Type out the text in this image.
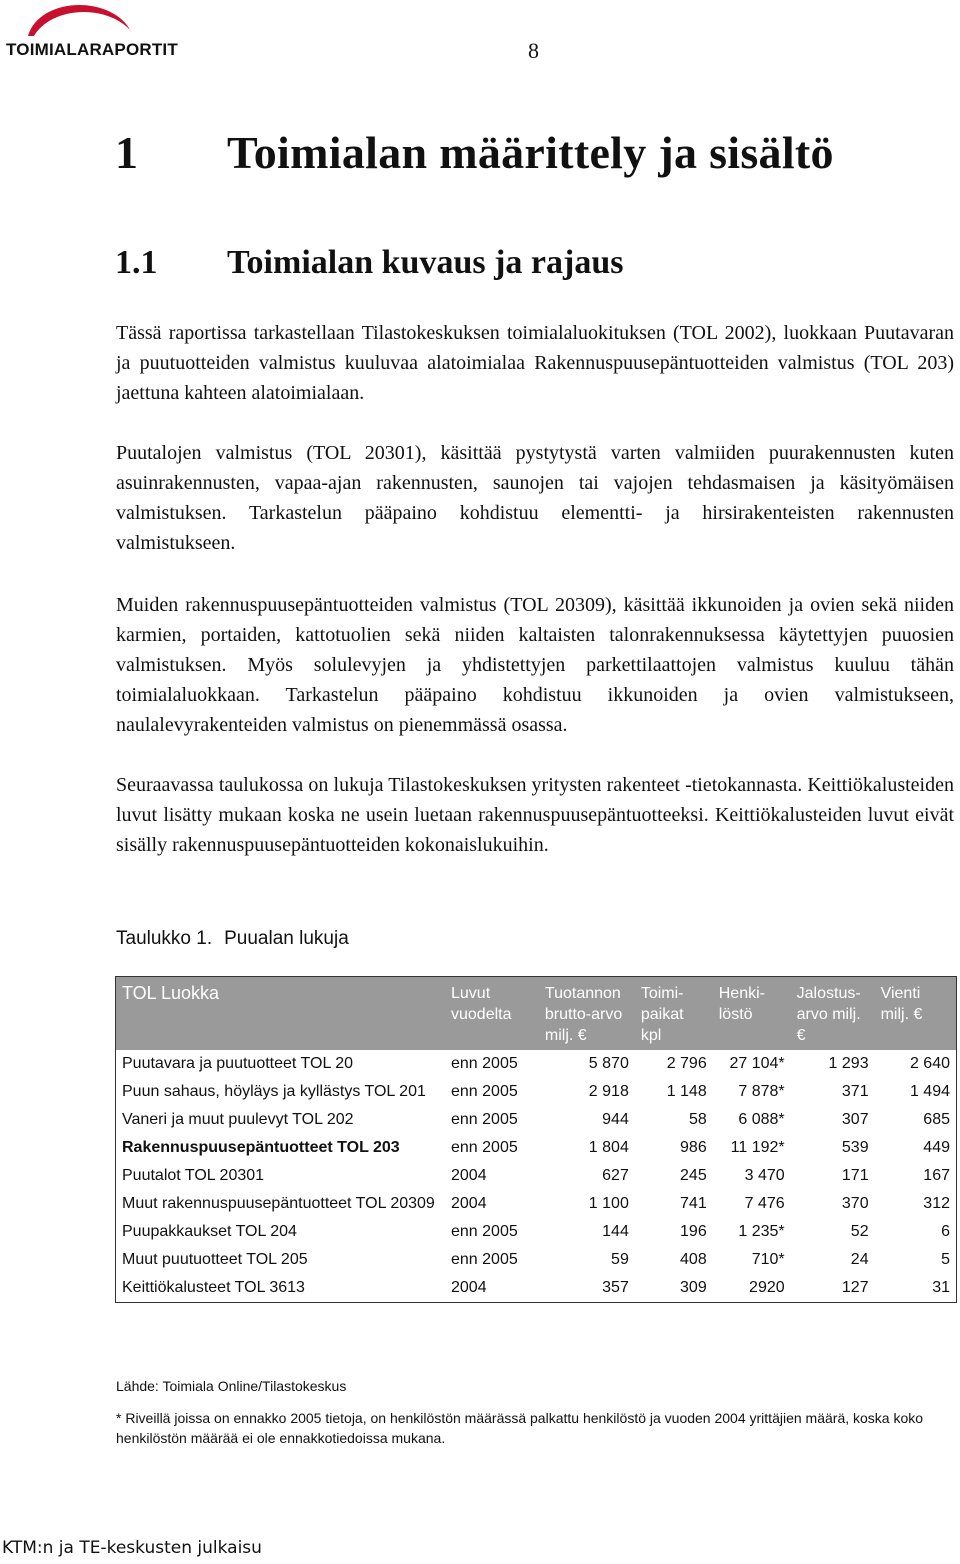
TOIMIALARAPORTIT	8
1 Toimialan määrittely ja sisältö
1.1 Toimialan kuvaus ja rajaus

Tässä raportissa tarkastellaan Tilastokeskuksen toimialaluokituksen (TOL 2002), luokkaan Puutavaran ja puutuotteiden valmistus kuuluvaa alatoimialaa Rakennuspuusepäntuotteiden valmistus (TOL 203) jaettuna kahteen alatoimialaan.

Puutalojen valmistus (TOL 20301), käsittää pystytystä varten valmiiden puurakennusten kuten asuinrakennusten, vapaa-ajan rakennusten, saunojen tai vajojen tehdasmaisen ja käsityömäisen valmistuksen. Tarkastelun pääpaino kohdistuu elementti- ja hirsirakenteisten rakennusten valmistukseen.

Muiden rakennuspuusepäntuotteiden valmistus (TOL 20309), käsittää ikkunoiden ja ovien sekä niiden karmien, portaiden, kattotuolien sekä niiden kaltaisten talonrakennuksessa käytettyjen puuosien valmistuksen. Myös solulevyjen ja yhdistettyjen parkettilaattojen valmistus kuuluu tähän toimialaluokkaan. Tarkastelun pääpaino kohdistuu ikkunoiden ja ovien valmistukseen, naulalevyrakenteiden valmistus on pienemmässä osassa.

Seuraavassa taulukossa on lukuja Tilastokeskuksen yritysten rakenteet -tietokannasta. Keittiökalusteiden luvut lisätty mukaan koska ne usein luetaan rakennuspuusepäntuotteeksi. Keittiökalusteiden luvut eivät sisälly rakennuspuusepäntuotteiden kokonaislukuihin.

Taulukko 1. Puualan lukuja

TOL Luokka	Luvut vuodelta	Tuotannon brutto-arvo milj. €	Toimi-paikat kpl	Henki-löstö	Jalostus-arvo milj. €	Vienti milj. €
Puutavara ja puutuotteet TOL 20	enn 2005	5 870	2 796	27 104*	1 293	2 640
Puun sahaus, höyläys ja kyllästys TOL 201	enn 2005	2 918	1 148	7 878*	371	1 494
Vaneri ja muut puulevyt TOL 202	enn 2005	944	58	6 088*	307	685
Rakennuspuusepäntuotteet TOL 203	enn 2005	1 804	986	11 192*	539	449
Puutalot TOL 20301	2004	627	245	3 470	171	167
Muut rakennuspuusepäntuotteet TOL 20309	2004	1 100	741	7 476	370	312
Puupakkaukset TOL 204	enn 2005	144	196	1 235*	52	6
Muut puutuotteet TOL 205	enn 2005	59	408	710*	24	5
Keittiökalusteet TOL 3613	2004	357	309	2920	127	31

Lähde: Toimiala Online/Tilastokeskus

* Riveillä joissa on ennakko 2005 tietoja, on henkilöstön määrässä palkattu henkilöstö ja vuoden 2004 yrittäjien määrä, koska koko henkilöstön määrää ei ole ennakkotiedoissa mukana.

KTM:n ja TE-keskusten julkaisu
